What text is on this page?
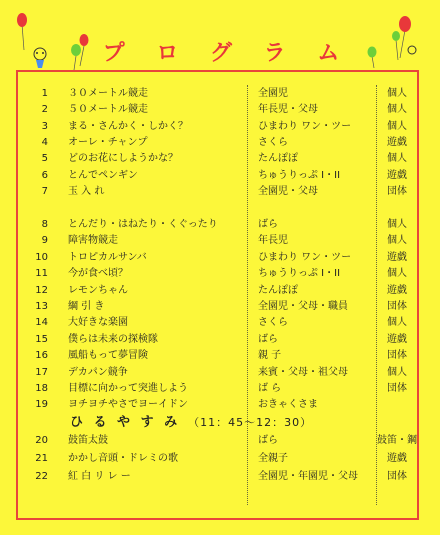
プ ロ グ ラ ム
1 ３０メートル競走	全園児	個人
2 ５０メートル競走	年長児・父母	個人
3 まる・さんかく・しかく？	ひまわり ワン・ツー	個人
4 オーレ・チャンプ	さくら	遊戯
5 どのお花にしようかな？	たんぽぽ	個人
6 とんでペンギン	ちゅうりっぷ I・II	遊戯
7 玉 入 れ	全園児・父母	団体
8 とんだり・はねたり・くぐったり	ばら	個人
9 障害物競走	年長児	個人
10 トロピカルサンバ	ひまわり ワン・ツー	遊戯
11 今が食べ頃？	ちゅうりっぷ I・II	個人
12 レモンちゃん	たんぽぽ	遊戯
13 綱 引 き	全園児・父母・職員	団体
14 大好きな楽園	さくら	個人
15 僕らは未来の探検隊	ばら	遊戯
16 風船もって夢冒険	親 子	団体
17 デカパン競争	来賓・父母・祖父母	個人
18 目標に向かって突進しよう	ば ら	団体
19 ヨチヨチやさでヨーイドン	おきゃくさま
ひ る や す み （11：45〜12：30）
20 鼓笛太鼓	ばら	鼓笛・鋼
21 かかし音頭・ドレミの歌	全親子	遊戯
22 紅 白 リ レ ー	全園児・年園児・父母	団体
